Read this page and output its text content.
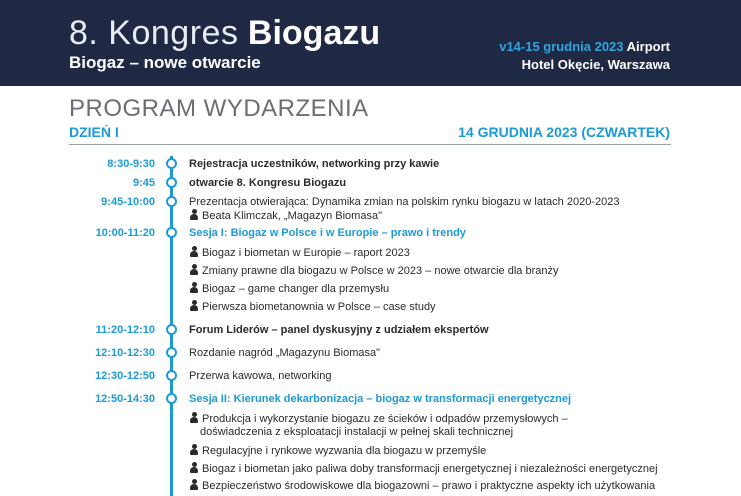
8. Kongres Biogazu
Biogaz – nowe otwarcie
v14-15 grudnia 2023 Airport
Hotel Okęcie, Warszawa
PROGRAM WYDARZENIA
DZIEŃ I	14 GRUDNIA 2023 (CZWARTEK)
8:30-9:30	Rejestracja uczestników, networking przy kawie
9:45	otwarcie 8. Kongresu Biogazu
9:45-10:00	Prezentacja otwierająca: Dynamika zmian na polskim rynku biogazu w latach 2020-2023
Beata Klimczak, „Magazyn Biomasa"
10:00-11:20	Sesja I: Biogaz w Polsce i w Europie – prawo i trendy
Biogaz i biometan w Europie – raport 2023
Zmiany prawne dla biogazu w Polsce w 2023 – nowe otwarcie dla branży
Biogaz – game changer dla przemysłu
Pierwsza biometanownia w Polsce – case study
11:20-12:10	Forum Liderów – panel dyskusyjny z udziałem ekspertów
12:10-12:30	Rozdanie nagród „Magazynu Biomasa"
12:30-12:50	Przerwa kawowa, networking
12:50-14:30	Sesja II: Kierunek dekarbonizacja – biogaz w transformacji energetycznej
Produkcja i wykorzystanie biogazu ze ścieków i odpadów przemysłowych –
doświadczenia z eksploatacji instalacji w pełnej skali technicznej
Regulacyjne i rynkowe wyzwania dla biogazu w przemyśle
Biogaz i biometan jako paliwa doby transformacji energetycznej i niezależności energetycznej
Bezpieczeństwo środowiskowe dla biogazowni – prawo i praktyczne aspekty ich użytkowania
